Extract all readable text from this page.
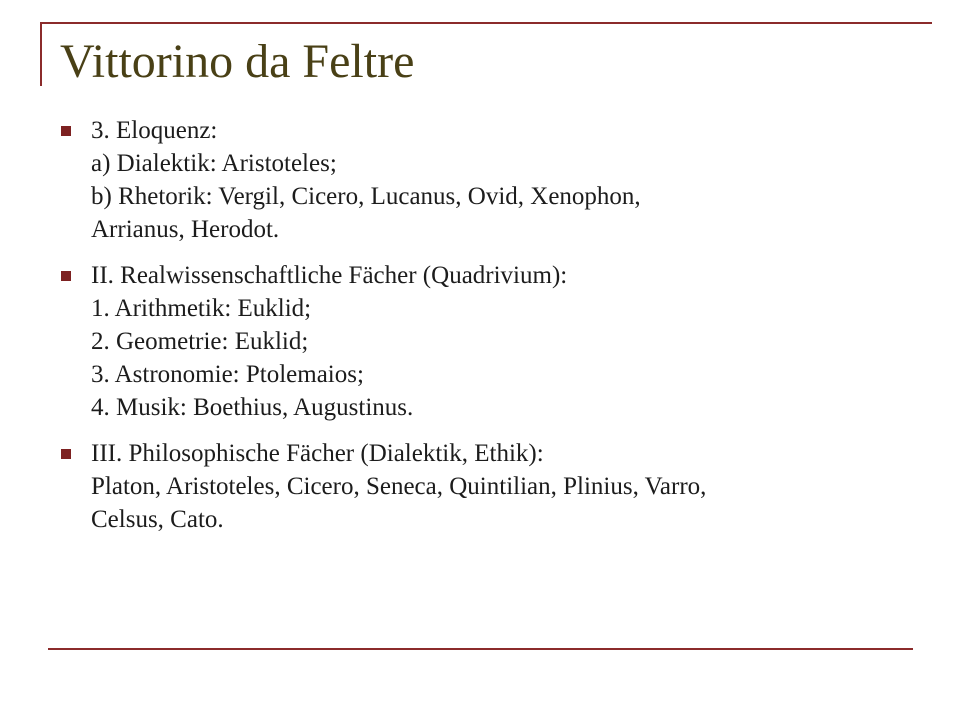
Vittorino da Feltre
3. Eloquenz:
a) Dialektik: Aristoteles;
b) Rhetorik: Vergil, Cicero, Lucanus, Ovid, Xenophon,
Arrianus, Herodot.
II. Realwissenschaftliche Fächer (Quadrivium):
1. Arithmetik: Euklid;
2. Geometrie: Euklid;
3. Astronomie: Ptolemaios;
4. Musik: Boethius, Augustinus.
III. Philosophische Fächer (Dialektik, Ethik):
Platon, Aristoteles, Cicero, Seneca, Quintilian, Plinius, Varro,
Celsus, Cato.
